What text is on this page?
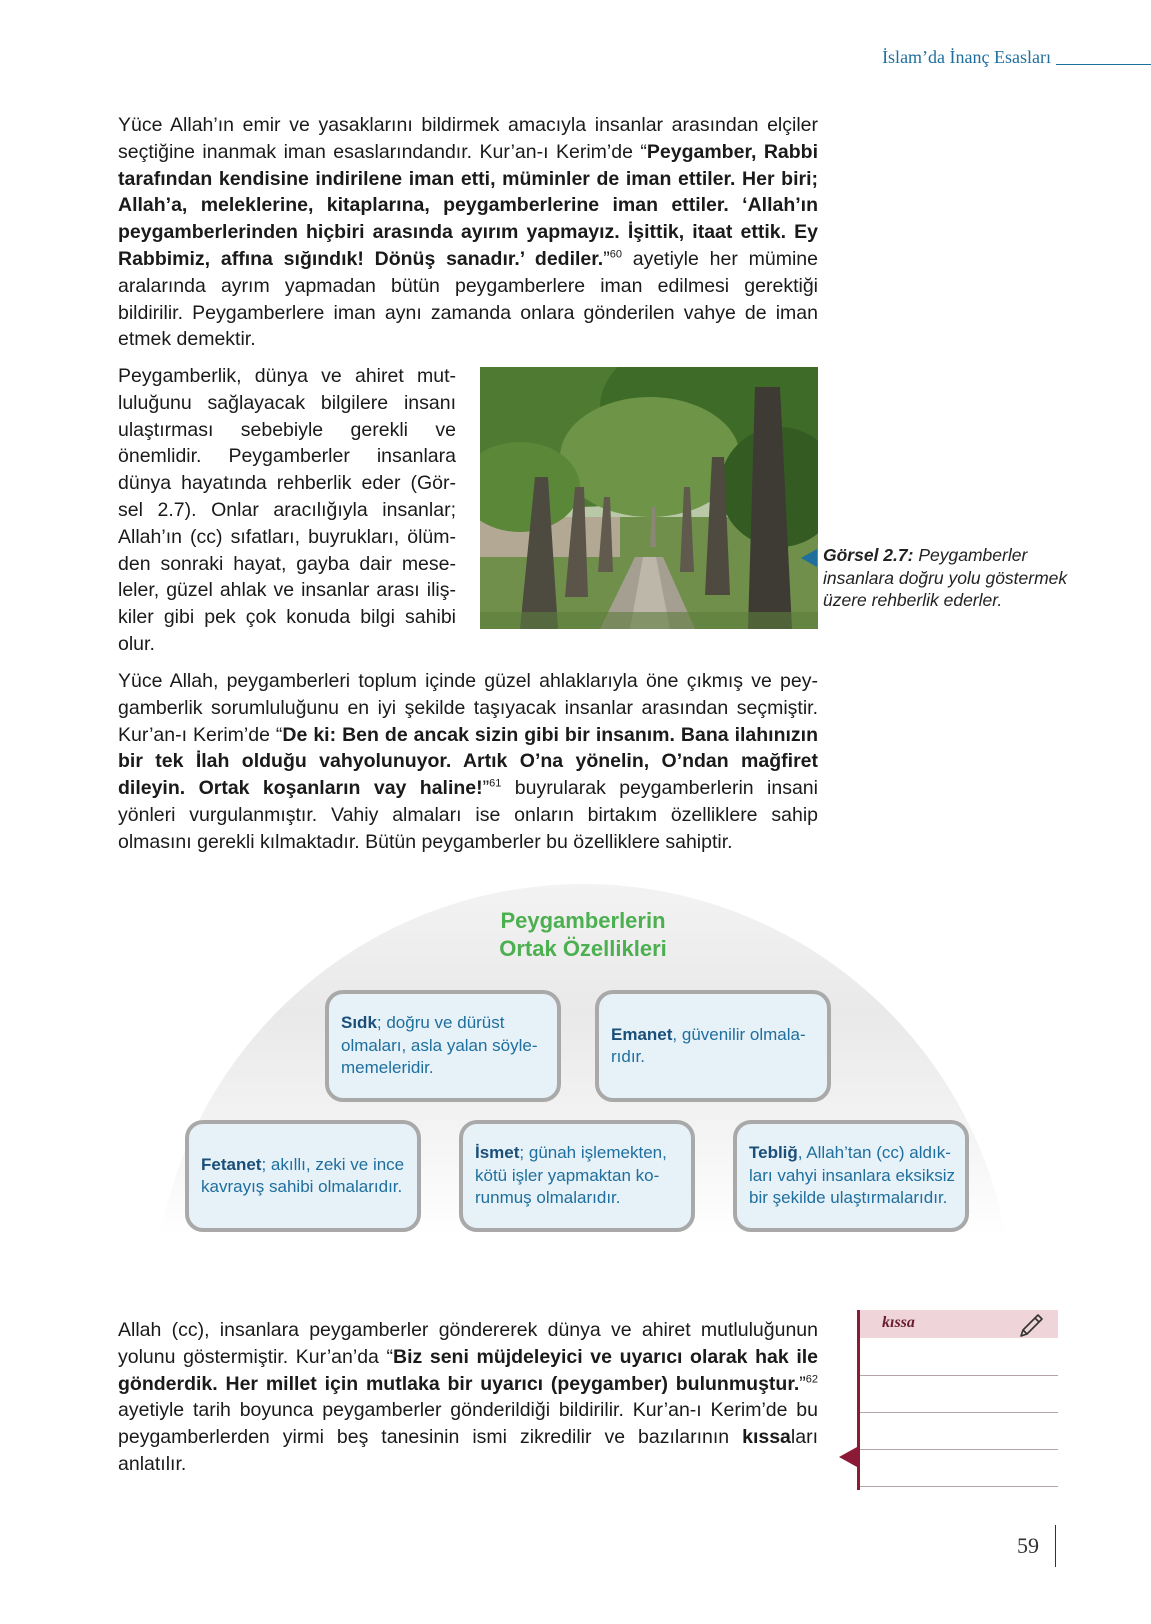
İslam’da İnanç Esasları

Yüce Allah’ın emir ve yasaklarını bildirmek amacıyla insanlar arasından elçiler seçtiğine inanmak iman esaslarındandır. Kur’an-ı Kerim’de “Peygamber, Rabbi tarafından kendisine indirilene iman etti, müminler de iman ettiler. Her biri; Allah’a, meleklerine, kitaplarına, peygamberlerine iman ettiler. ‘Allah’ın peygamberlerinden hiçbiri arasında ayırım yapmayız. İşittik, itaat ettik. Ey Rabbimiz, affına sığındık! Dönüş sanadır.’ dediler.”$^{60}$ ayetiyle her mümine aralarında ayrım yapmadan bütün peygamberlere iman edilmesi gerektiği bildirilir. Peygamberlere iman aynı zamanda onlara gönderilen vahye de iman etmek demektir.

Peygamberlik, dünya ve ahiret mutluluğunu sağlayacak bilgilere insanı ulaştırması sebebiyle gerekli ve önemlidir. Peygamberler insanlara dünya hayatında rehberlik eder (Görsel 2.7). Onlar aracılığıyla insanlar; Allah’ın (cc) sıfatları, buyrukları, ölümden sonraki hayat, gayba dair meseleler, güzel ahlak ve insanlar arası ilişkiler gibi pek çok konuda bilgi sahibi olur.

Görsel 2.7: Peygamberler insanlara doğru yolu göstermek üzere rehberlik ederler.

Yüce Allah, peygamberleri toplum içinde güzel ahlaklarıyla öne çıkmış ve peygamberlik sorumluluğunu en iyi şekilde taşıyacak insanlar arasından seçmiştir. Kur’an-ı Kerim’de “De ki: Ben de ancak sizin gibi bir insanım. Bana ilahınızın bir tek İlah olduğu vahyolunuyor. Artık O’na yönelin, O’ndan mağfiret dileyin. Ortak koşanların vay haline!”$^{61}$ buyrularak peygamberlerin insani yönleri vurgulanmıştır. Vahiy almaları ise onların birtakım özelliklere sahip olmasını gerekli kılmaktadır. Bütün peygamberler bu özelliklere sahiptir.

Peygamberlerin
Ortak Özellikleri
Sıdk; doğru ve dürüst olmaları, asla yalan söylememeleridir.
Emanet, güvenilir olmalarıdır.
Fetanet; akıllı, zeki ve ince kavrayış sahibi olmalarıdır.
İsmet; günah işlemekten, kötü işler yapmaktan korunmuş olmalarıdır.
Tebliğ, Allah’tan (cc) aldıkları vahyi insanlara eksiksiz bir şekilde ulaştırmalarıdır.

Allah (cc), insanlara peygamberler göndererek dünya ve ahiret mutluluğunun yolunu göstermiştir. Kur’an’da “Biz seni müjdeleyici ve uyarıcı olarak hak ile gönderdik. Her millet için mutlaka bir uyarıcı (peygamber) bulunmuştur.”$^{62}$ ayetiyle tarih boyunca peygamberler gönderildiği bildirilir. Kur’an-ı Kerim’de bu peygamberlerden yirmi beş tanesinin ismi zikredilir ve bazılarının kıssaları anlatılır.

kıssa
59
